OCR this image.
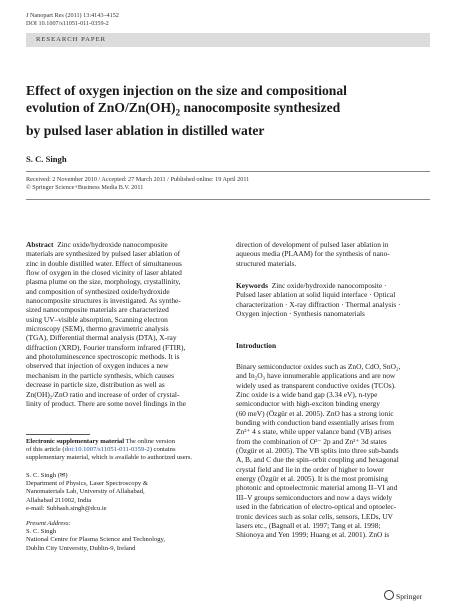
J Nanopart Res (2011) 13:4143–4152
DOI 10.1007/s11051-011-0359-2
RESEARCH PAPER
Effect of oxygen injection on the size and compositional
evolution of ZnO/$Zn(OH)_2$ nanocomposite synthesized
by pulsed laser ablation in distilled water
S. C. Singh
Received: 2 November 2010 / Accepted: 27 March 2011 / Published online: 19 April 2011
© Springer Science+Business Media B.V. 2011
Abstract Zinc oxide/hydroxide nanocomposite
materials are synthesized by pulsed laser ablation of
zinc in double distilled water. Effect of simultaneous
flow of oxygen in the closed vicinity of laser ablated
plasma plume on the size, morphology, crystallinity,
and composition of synthesized oxide/hydroxide
nanocomposite structures is investigated. As synthe-
sized nanocomposite materials are characterized
using UV–visible absorption, Scanning electron
microscopy (SEM), thermo gravimetric analysis
(TGA), Differential thermal analysis (DTA), X-ray
diffraction (XRD), Fourier transform infrared (FTIR),
and photoluminescence spectroscopic methods. It is
observed that injection of oxygen induces a new
mechanism in the particle synthesis, which causes
decrease in particle size, distribution as well as
Zn(OH)₂/ZnO ratio and increase of order of crystal-
linity of product. There are some novel findings in the
Electronic supplementary material The online version
of this article (doi:10.1007/s11051-011-0359-2) contains
supplementary material, which is available to authorized users.
S. C. Singh (✉)
Department of Physics, Laser Spectroscopy &
Nanomaterials Lab, University of Allahabad,
Allahabad 211002, India
e-mail: Subhash.singh@dcu.ie
Present Address:
S. C. Singh
National Centre for Plasma Science and Technology,
Dublin City University, Dublin-9, Ireland
direction of development of pulsed laser ablation in
aqueous media (PLAAM) for the synthesis of nano-
structured materials.
Keywords Zinc oxide/hydroxide nanocomposite ·
Pulsed laser ablation at solid liquid interface · Optical
characterization · X-ray diffraction · Thermal analysis ·
Oxygen injection · Synthesis nanomaterials
Introduction
Binary semiconductor oxides such as ZnO, CdO, SnO₂,
and In₂O₃ have innumerable applications and are now
widely used as transparent conductive oxides (TCOs).
Zinc oxide is a wide band gap (3.34 eV), n-type
semiconductor with high-exciton binding energy
(60 meV) (Özgür et al. 2005). ZnO has a strong ionic
bonding with conduction band essentially arises from
Zn²⁺ 4 s state, while upper valance band (VB) arises
from the combination of O²⁻ 2p and Zn²⁺ 3d states
(Özgür et al. 2005). The VB splits into three sub-bands
A, B, and C due the spin–orbit coupling and hexagonal
crystal field and lie in the order of higher to lower
energy (Özgür et al. 2005). It is the most promising
photonic and optoelectronic material among II–VI and
III–V groups semiconductors and now a days widely
used in the fabrication of electro-optical and optoelec-
tronic devices such as solar cells, sensors, LEDs, UV
lasers etc., (Bagnall et al. 1997; Tang et al. 1998;
Shionoya and Yen 1999; Huang et al. 2001). ZnO is
Springer
